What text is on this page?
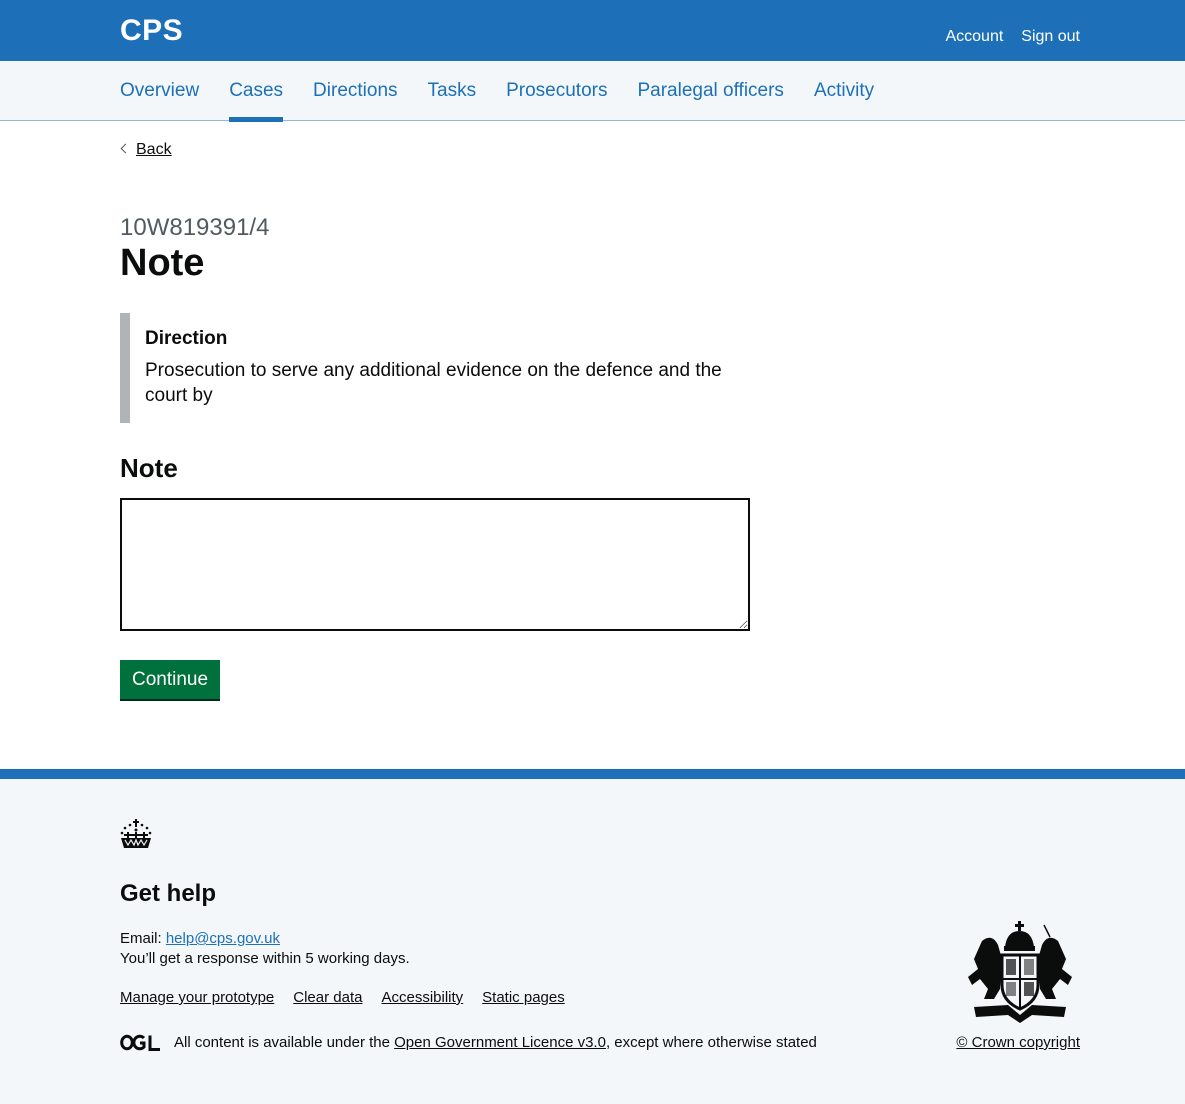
CPS	Account Sign out
Overview	Cases	Directions	Tasks	Prosecutors	Paralegal officers	Activity
Back
10W819391/4
Note
Direction
Prosecution to serve any additional evidence on the defence and the court by
Note
Continue
Get help
Email: help@cps.gov.uk
You’ll get a response within 5 working days.
Manage your prototype Clear data Accessibility Static pages
All content is available under the Open Government Licence v3.0 , except where otherwise stated	© Crown copyright
